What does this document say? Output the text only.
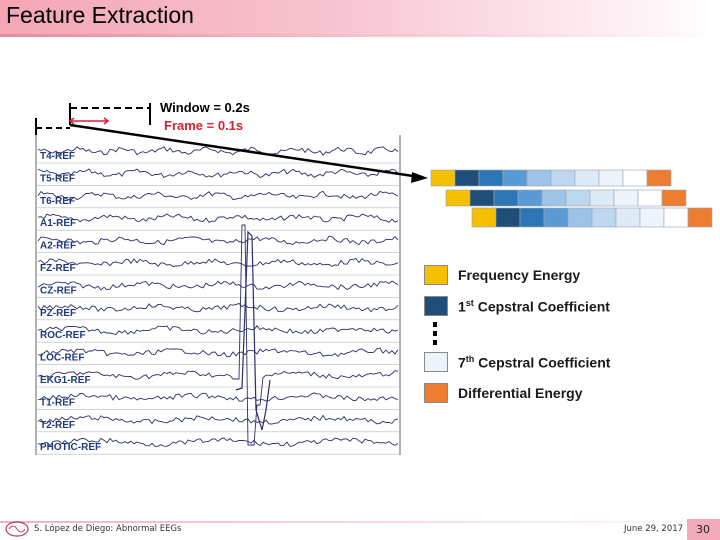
Feature Extraction
T4-REF
T5-REF
T6-REF
A1-REF
A2-REF
FZ-REF
CZ-REF
PZ-REF
ROC-REF
LOC-REF
EKG1-REF
T1-REF
T2-REF
PHOTIC-REF
Window = 0.2s
Frame = 0.1s
Frequency Energy
1st Cepstral Coefficient
7th Cepstral Coefficient
Differential Energy
S. López de Diego: Abnormal EEGs	June 29, 2017 30
